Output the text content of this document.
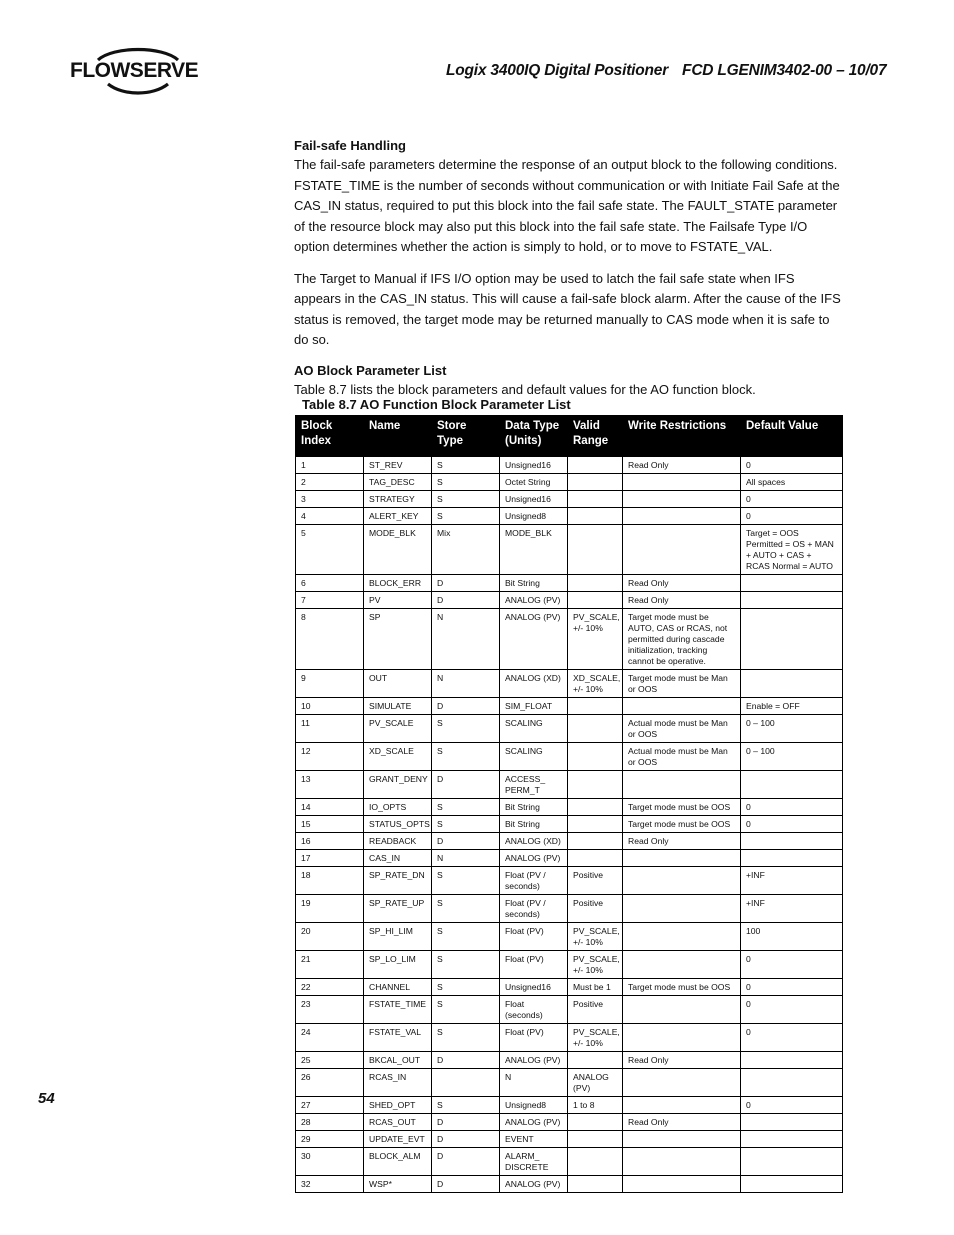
FLOWSERVE	Logix 3400IQ Digital Positioner FCD LGENIM3402-00 – 10/07
Fail-safe Handling

The fail-safe parameters determine the response of an output block to the following conditions. FSTATE_TIME is the number of seconds without communication or with Initiate Fail Safe at the CAS_IN status, required to put this block into the fail safe state. The FAULT_STATE parameter of the resource block may also put this block into the fail safe state. The Failsafe Type I/O option determines whether the action is simply to hold, or to move to FSTATE_VAL.

The Target to Manual if IFS I/O option may be used to latch the fail safe state when IFS appears in the CAS_IN status. This will cause a fail-safe block alarm. After the cause of the IFS status is removed, the target mode may be returned manually to CAS mode when it is safe to do so.

AO Block Parameter List

Table 8.7 lists the block parameters and default values for the AO function block.

Table 8.7 AO Function Block Parameter List
Block Index	Name	Store Type	Data Type (Units)	Valid Range	Write Restrictions	Default Value
1	ST_REV	S	Unsigned16		Read Only	0
2	TAG_DESC	S	Octet String			All spaces
3	STRATEGY	S	Unsigned16			0
4	ALERT_KEY	S	Unsigned8			0
5	MODE_BLK	Mix	MODE_BLK			Target = OOS Permitted = OS + MAN + AUTO + CAS + RCAS Normal = AUTO
6	BLOCK_ERR	D	Bit String		Read Only	
7	PV	D	ANALOG (PV)		Read Only	
8	SP	N	ANALOG (PV)	PV_SCALE, +/- 10%	Target mode must be AUTO, CAS or RCAS, not permitted during cascade initialization, tracking cannot be operative.	
9	OUT	N	ANALOG (XD)	XD_SCALE, +/- 10%	Target mode must be Man or OOS	
10	SIMULATE	D	SIM_FLOAT			Enable = OFF
11	PV_SCALE	S	SCALING		Actual mode must be Man or OOS	0 – 100
12	XD_SCALE	S	SCALING		Actual mode must be Man or OOS	0 – 100
13	GRANT_DENY	D	ACCESS_ PERM_T			
14	IO_OPTS	S	Bit String		Target mode must be OOS	0
15	STATUS_OPTS	S	Bit String		Target mode must be OOS	0
16	READBACK	D	ANALOG (XD)		Read Only	
17	CAS_IN	N	ANALOG (PV)			
18	SP_RATE_DN	S	Float (PV / seconds)	Positive		+INF
19	SP_RATE_UP	S	Float (PV / seconds)	Positive		+INF
20	SP_HI_LIM	S	Float (PV)	PV_SCALE, +/- 10%		100
21	SP_LO_LIM	S	Float (PV)	PV_SCALE, +/- 10%		0
22	CHANNEL	S	Unsigned16	Must be 1	Target mode must be OOS	0
23	FSTATE_TIME	S	Float (seconds)	Positive		0
24	FSTATE_VAL	S	Float (PV)	PV_SCALE, +/- 10%		0
25	BKCAL_OUT	D	ANALOG (PV)		Read Only	
26	RCAS_IN		N	ANALOG (PV)		
27	SHED_OPT	S	Unsigned8	1 to 8		0
28	RCAS_OUT	D	ANALOG (PV)		Read Only	
29	UPDATE_EVT	D	EVENT			
30	BLOCK_ALM	D	ALARM_ DISCRETE			
32	WSP*	D	ANALOG (PV)			
54
